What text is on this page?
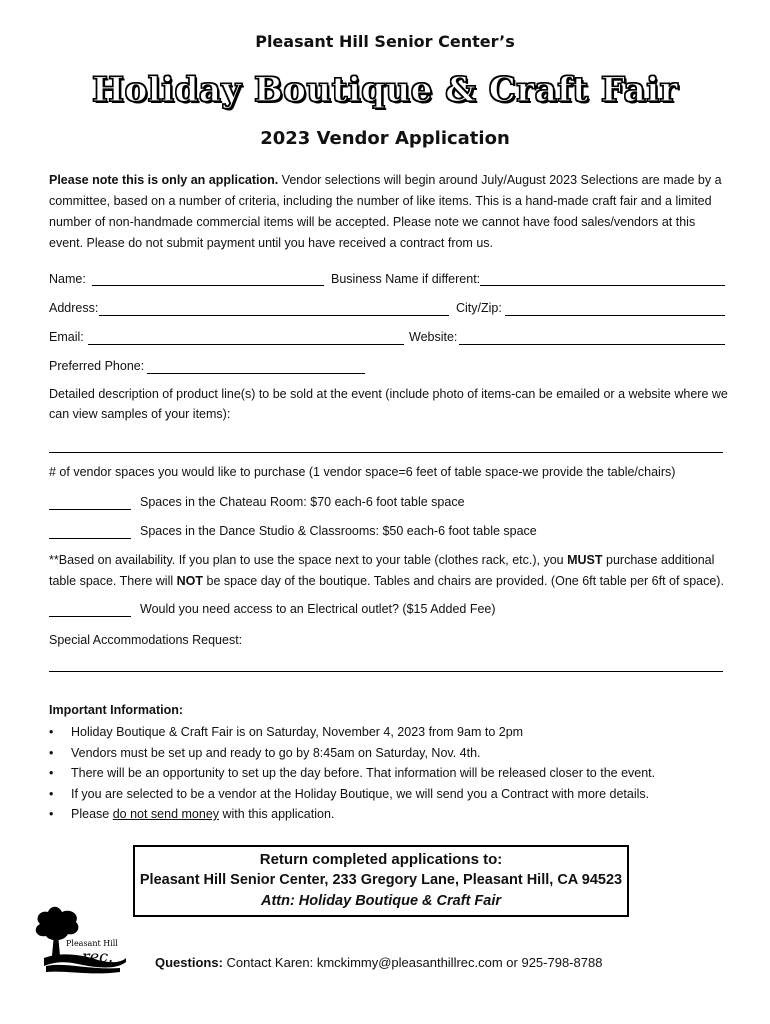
Pleasant Hill Senior Center’s
Holiday Boutique & Craft Fair
2023 Vendor Application
Please note this is only an application. Vendor selections will begin around July/August 2023 Selections are made by a committee, based on a number of criteria, including the number of like items. This is a hand-made craft fair and a limited number of non-handmade commercial items will be accepted. Please note we cannot have food sales/vendors at this event. Please do not submit payment until you have received a contract from us.
Name:	Business Name if different:
Address:	City/Zip:
Email:	Website:
Preferred Phone:
Detailed description of product line(s) to be sold at the event (include photo of items-can be emailed or a website where we can view samples of your items):
# of vendor spaces you would like to purchase (1 vendor space=6 feet of table space-we provide the table/chairs)
Spaces in the Chateau Room: $70 each-6 foot table space
Spaces in the Dance Studio & Classrooms: $50 each-6 foot table space
**Based on availability. If you plan to use the space next to your table (clothes rack, etc.), you MUST purchase additional table space. There will NOT be space day of the boutique. Tables and chairs are provided. (One 6ft table per 6ft of space).
Would you need access to an Electrical outlet? ($15 Added Fee)
Special Accommodations Request:
Important Information:
• Holiday Boutique & Craft Fair is on Saturday, November 4, 2023 from 9am to 2pm
• Vendors must be set up and ready to go by 8:45am on Saturday, Nov. 4th.
• There will be an opportunity to set up the day before. That information will be released closer to the event.
• If you are selected to be a vendor at the Holiday Boutique, we will send you a Contract with more details.
• Please do not send money with this application.
Return completed applications to:
Pleasant Hill Senior Center, 233 Gregory Lane, Pleasant Hill, CA 94523
Attn: Holiday Boutique & Craft Fair
Pleasant Hill
rec.	Questions: Contact Karen: kmckimmy@pleasanthillrec.com or 925-798-8788
